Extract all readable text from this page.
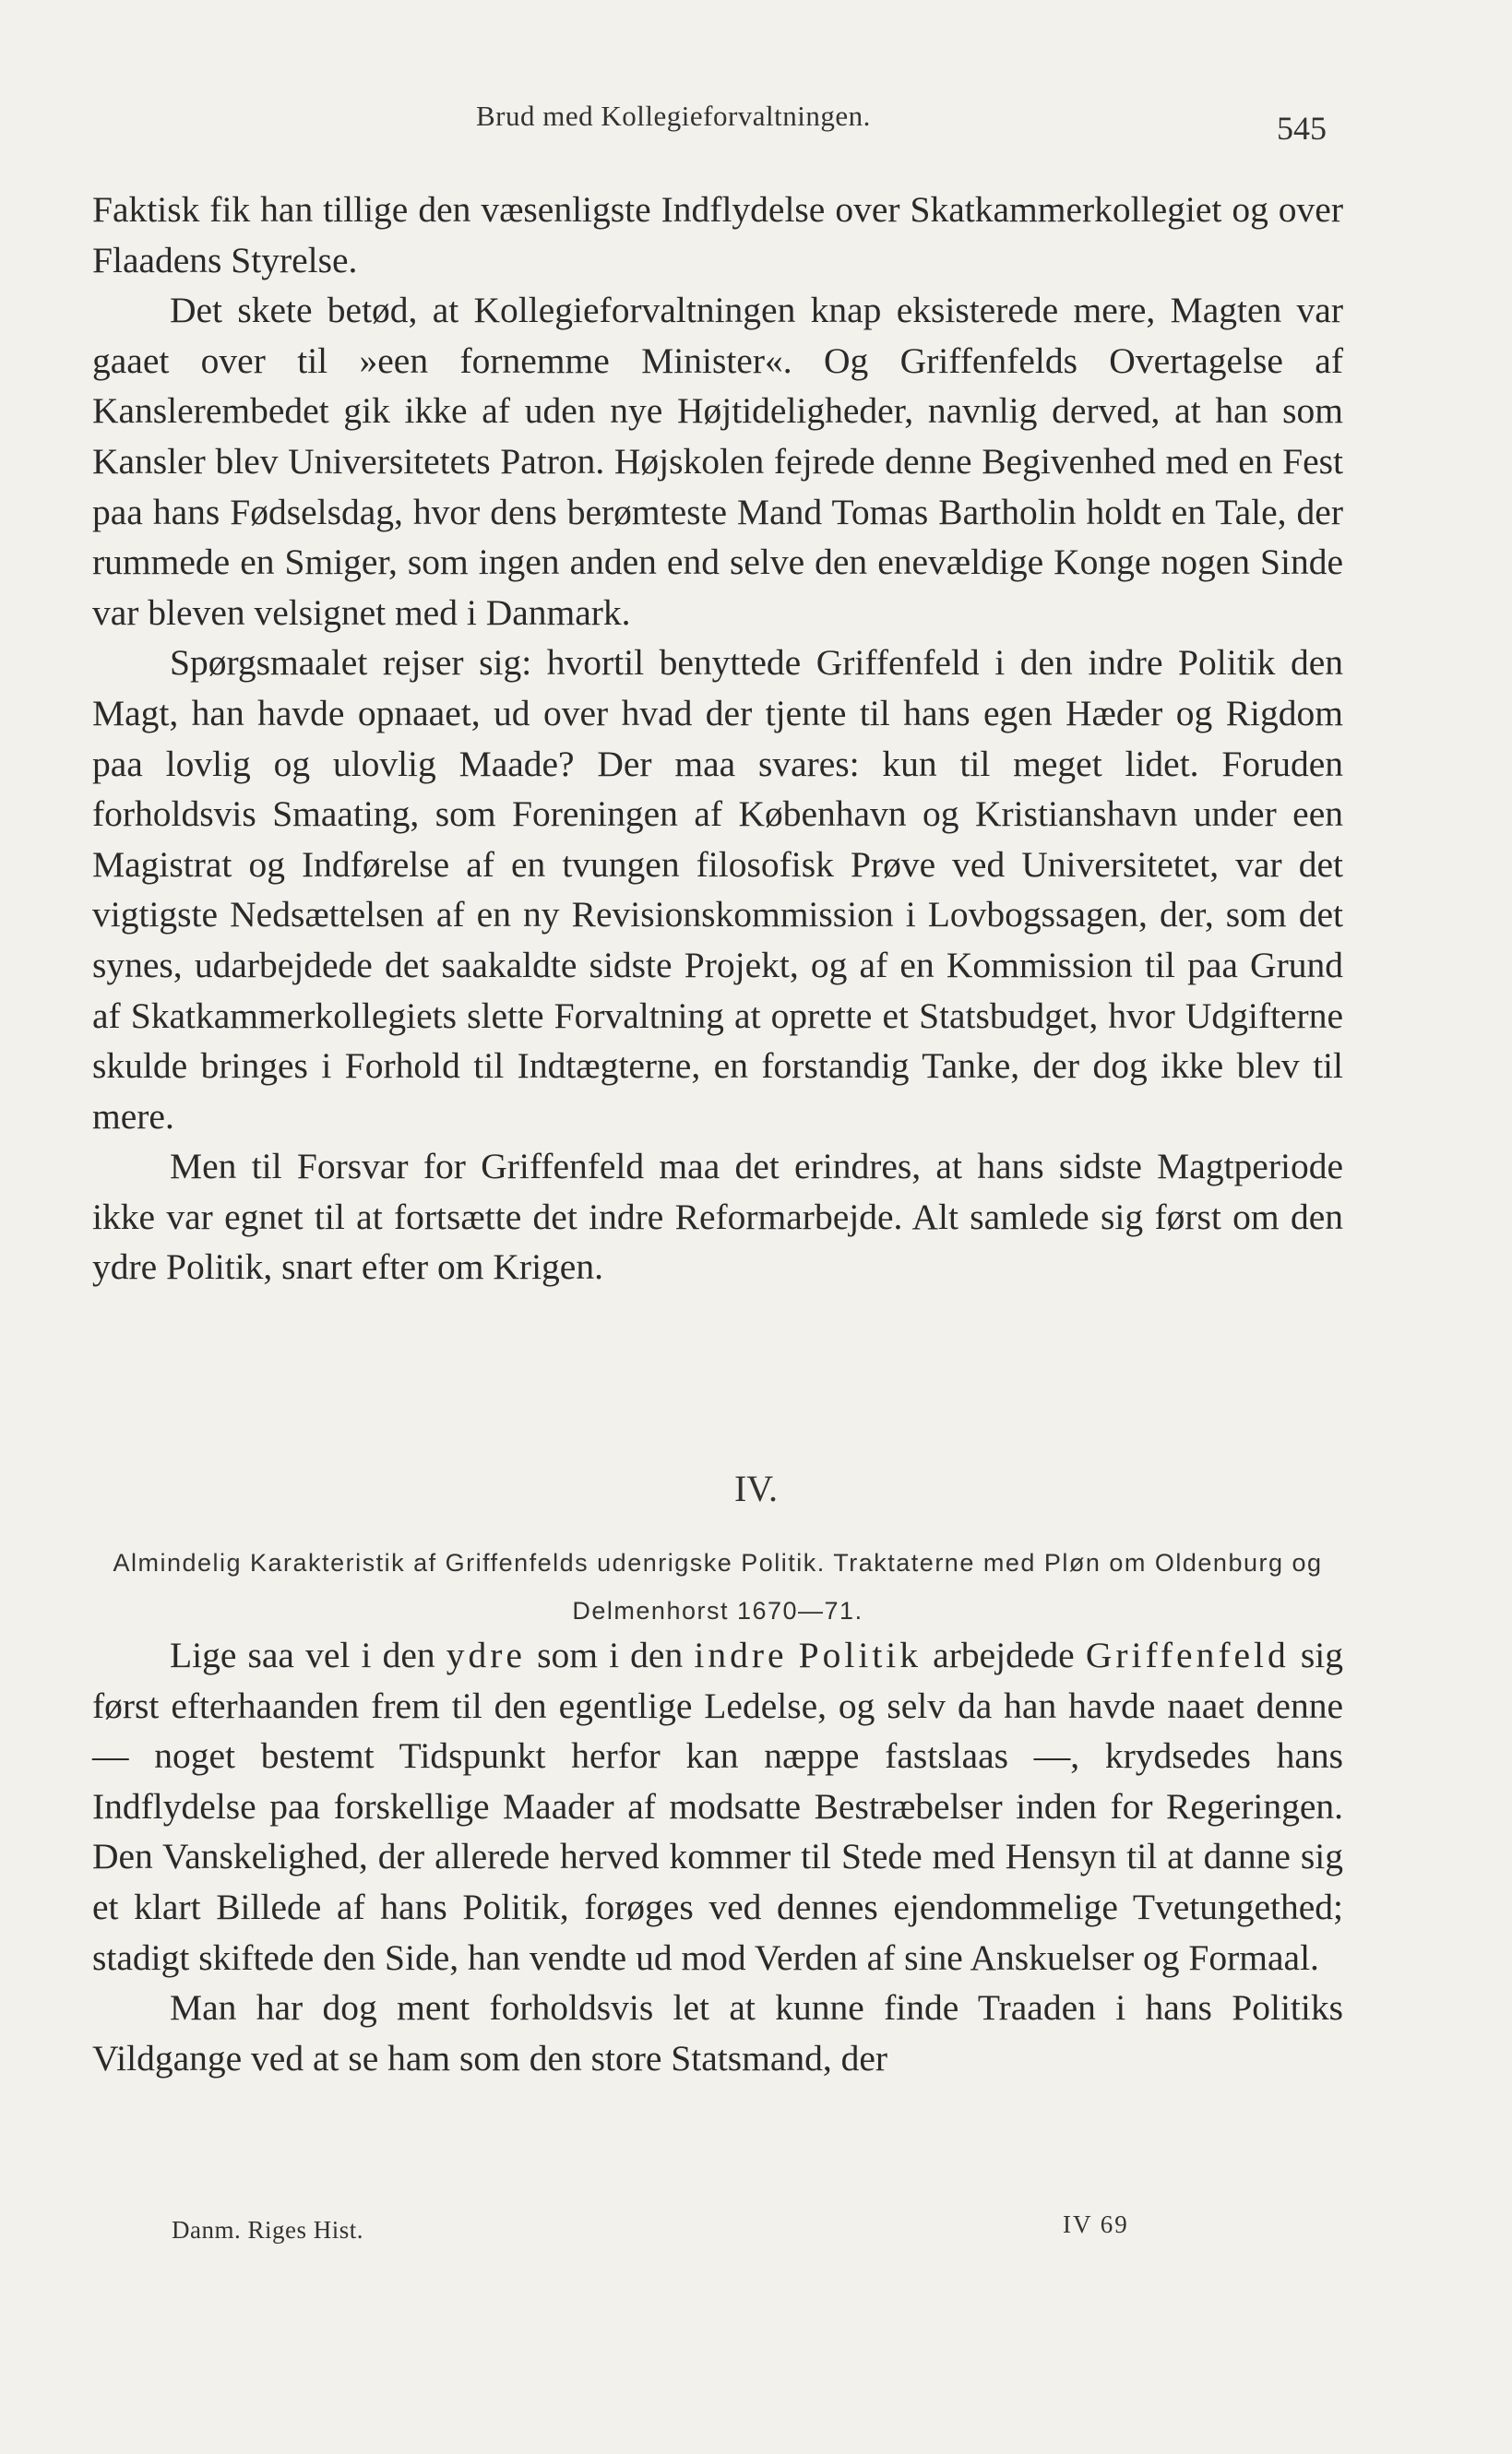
Brud med Kollegieforvaltningen.	545

Faktisk fik han tillige den væsenligste Indflydelse over Skatkammerkollegiet og over Flaadens Styrelse.

Det skete betød, at Kollegieforvaltningen knap eksisterede mere, Magten var gaaet over til »een fornemme Minister«. Og Griffenfelds Overtagelse af Kanslerembedet gik ikke af uden nye Højtideligheder, navnlig derved, at han som Kansler blev Universitetets Patron. Højskolen fejrede denne Begivenhed med en Fest paa hans Fødselsdag, hvor dens berømteste Mand Tomas Bartholin holdt en Tale, der rummede en Smiger, som ingen anden end selve den enevældige Konge nogen Sinde var bleven velsignet med i Danmark.

Spørgsmaalet rejser sig: hvortil benyttede Griffenfeld i den indre Politik den Magt, han havde opnaaet, ud over hvad der tjente til hans egen Hæder og Rigdom paa lovlig og ulovlig Maade? Der maa svares: kun til meget lidet. Foruden forholdsvis Smaating, som Foreningen af København og Kristianshavn under een Magistrat og Indførelse af en tvungen filosofisk Prøve ved Universitetet, var det vigtigste Nedsættelsen af en ny Revisionskommission i Lovbogssagen, der, som det synes, udarbejdede det saakaldte sidste Projekt, og af en Kommission til paa Grund af Skatkammerkollegiets slette Forvaltning at oprette et Statsbudget, hvor Udgifterne skulde bringes i Forhold til Indtægterne, en forstandig Tanke, der dog ikke blev til mere.

Men til Forsvar for Griffenfeld maa det erindres, at hans sidste Magtperiode ikke var egnet til at fortsætte det indre Reformarbejde. Alt samlede sig først om den ydre Politik, snart efter om Krigen.

IV.
Almindelig Karakteristik af Griffenfelds udenrigske Politik. Traktaterne med Pløn om Oldenburg og Delmenhorst 1670—71.

Lige saa vel i den ydre som i den indre Politik arbejdede Griffenfeld sig først efterhaanden frem til den egentlige Ledelse, og selv da han havde naaet denne — noget bestemt Tidspunkt herfor kan næppe fastslaas —, krydsedes hans Indflydelse paa forskellige Maader af modsatte Bestræbelser inden for Regeringen. Den Vanskelighed, der allerede herved kommer til Stede med Hensyn til at danne sig et klart Billede af hans Politik, forøges ved dennes ejendommelige Tvetungethed; stadigt skiftede den Side, han vendte ud mod Verden af sine Anskuelser og Formaal.

Man har dog ment forholdsvis let at kunne finde Traaden i hans Politiks Vildgange ved at se ham som den store Statsmand, der

Danm. Riges Hist.	IV 69
